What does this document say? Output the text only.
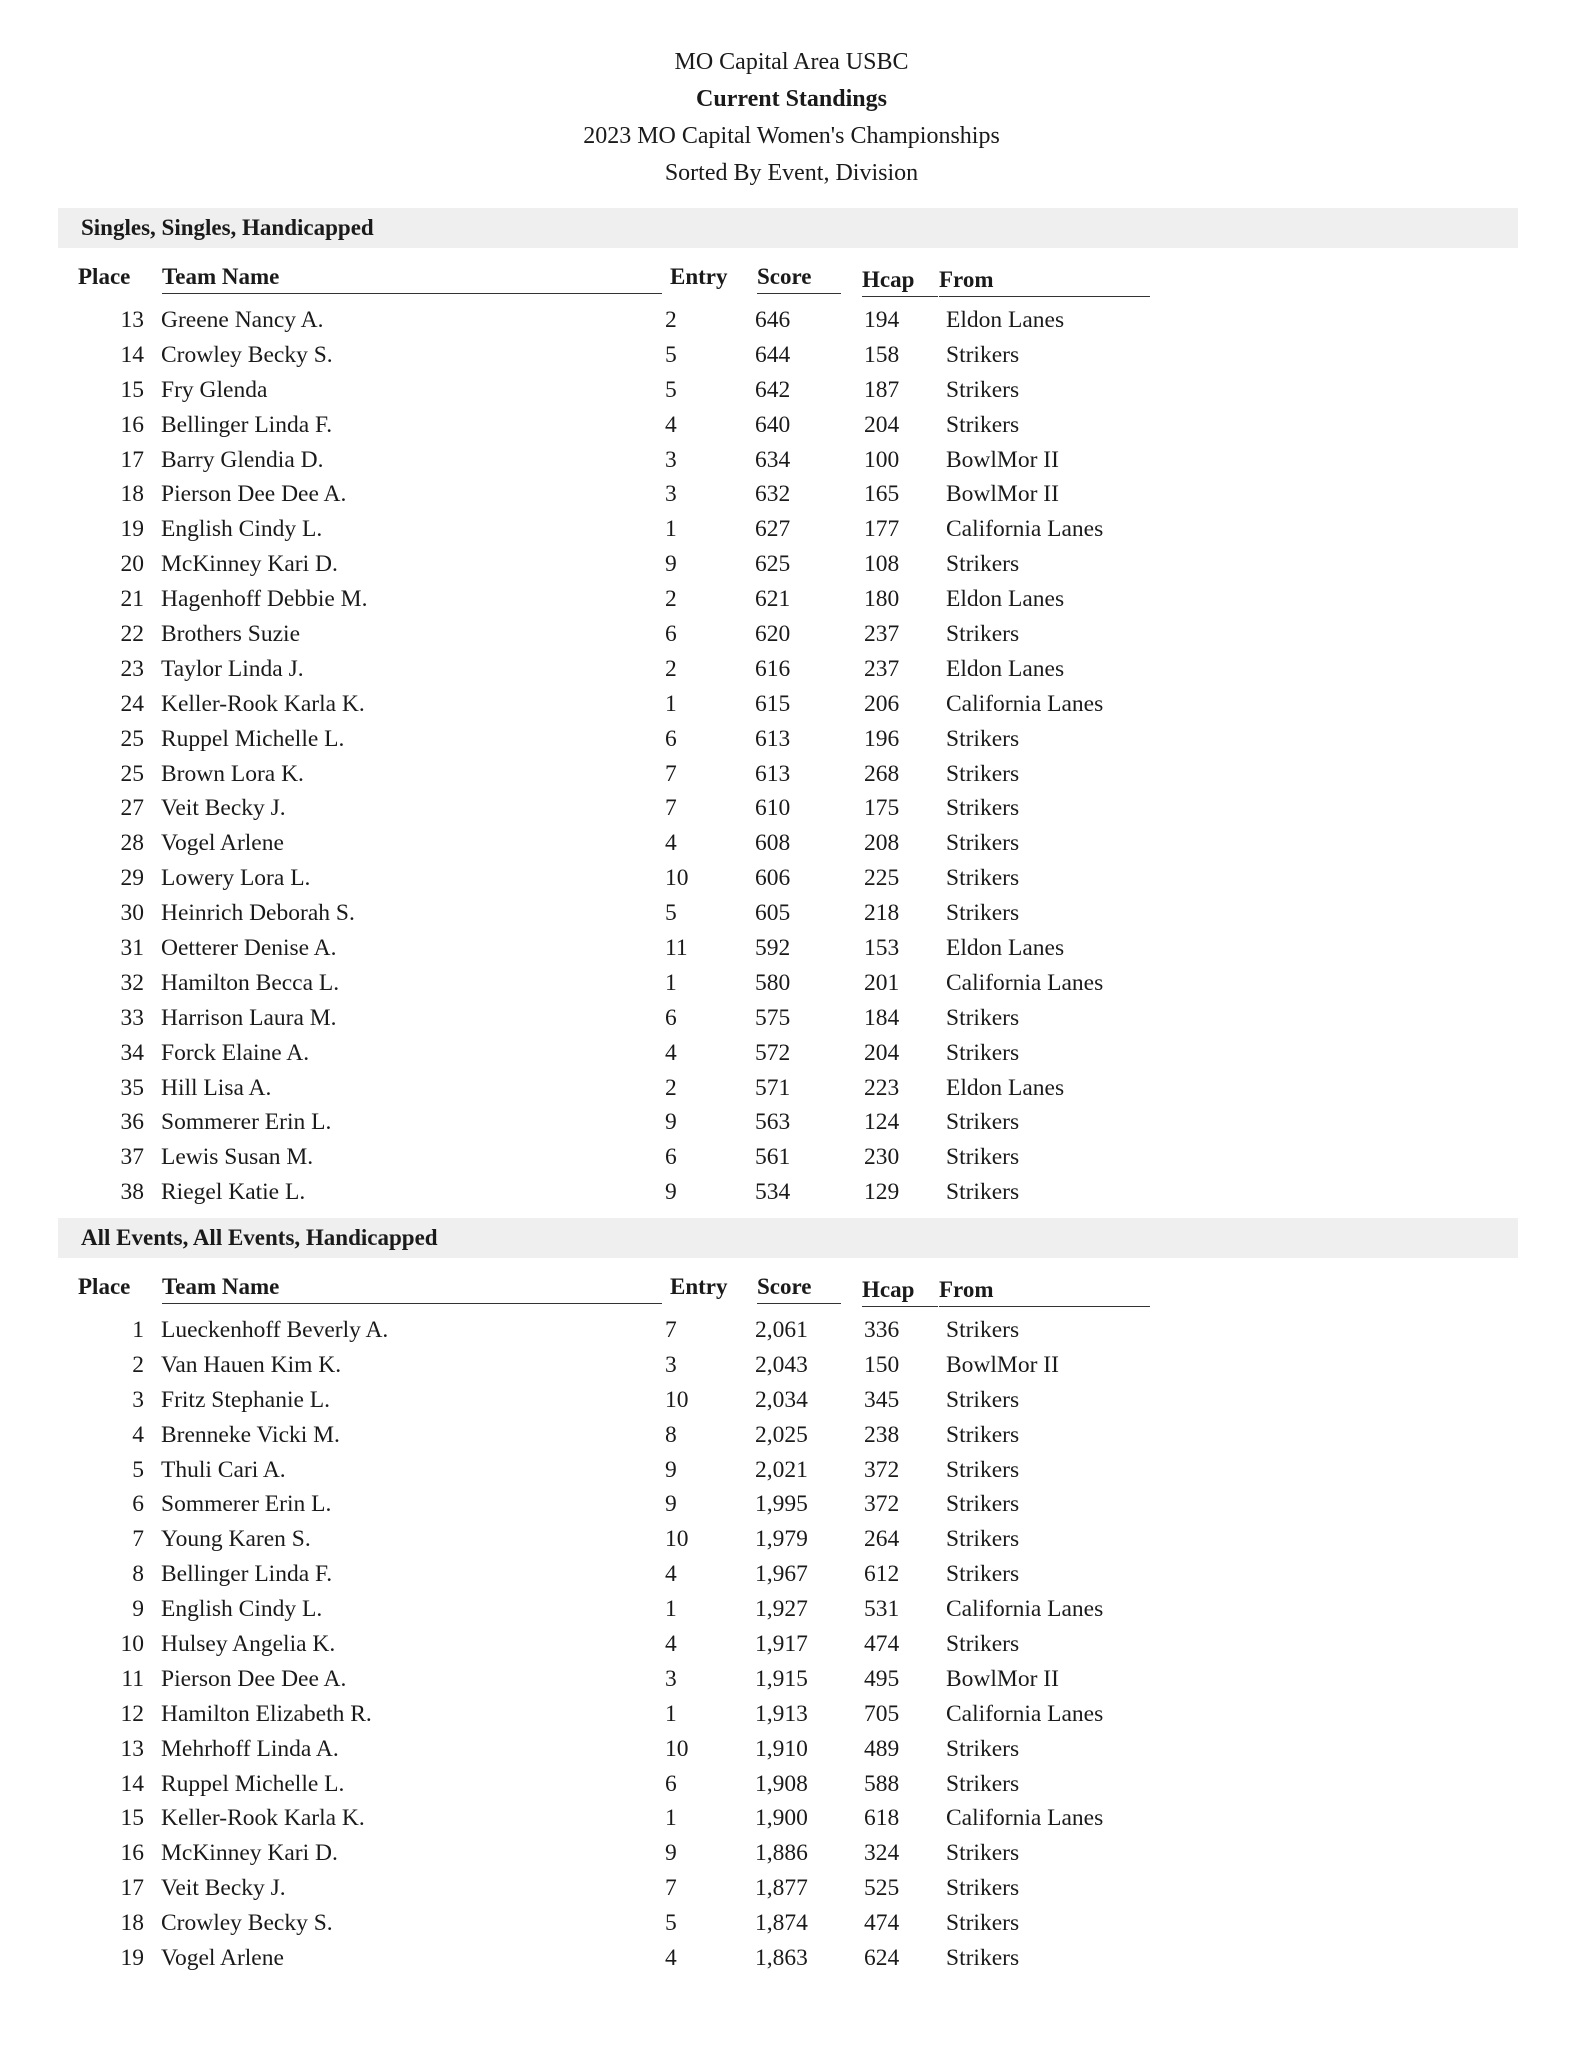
MO Capital Area USBC
Current Standings
2023 MO Capital Women's Championships
Sorted By Event, Division
Singles, Singles, Handicapped
Place	Team Name	Entry	Score	Hcap	From
13 Greene Nancy A.	2	646	194 Eldon Lanes
14 Crowley Becky S.	5	644	158 Strikers
15 Fry Glenda	5	642	187 Strikers
16 Bellinger Linda F.	4	640	204 Strikers
17 Barry Glendia D.	3	634	100 BowlMor II
18 Pierson Dee Dee A.	3	632	165 BowlMor II
19 English Cindy L.	1	627	177 California Lanes
20 McKinney Kari D.	9	625	108 Strikers
21 Hagenhoff Debbie M.	2	621	180 Eldon Lanes
22 Brothers Suzie	6	620	237 Strikers
23 Taylor Linda J.	2	616	237 Eldon Lanes
24 Keller-Rook Karla K.	1	615	206 California Lanes
25 Ruppel Michelle L.	6	613	196 Strikers
25 Brown Lora K.	7	613	268 Strikers
27 Veit Becky J.	7	610	175 Strikers
28 Vogel Arlene	4	608	208 Strikers
29 Lowery Lora L.	10	606	225 Strikers
30 Heinrich Deborah S.	5	605	218 Strikers
31 Oetterer Denise A.	11	592	153 Eldon Lanes
32 Hamilton Becca L.	1	580	201 California Lanes
33 Harrison Laura M.	6	575	184 Strikers
34 Forck Elaine A.	4	572	204 Strikers
35 Hill Lisa A.	2	571	223 Eldon Lanes
36 Sommerer Erin L.	9	563	124 Strikers
37 Lewis Susan M.	6	561	230 Strikers
38 Riegel Katie L.	9	534	129 Strikers
All Events, All Events, Handicapped
Place	Team Name	Entry	Score	Hcap	From
1 Lueckenhoff Beverly A.	7	2,061 336 Strikers
2 Van Hauen Kim K.	3	2,043 150 BowlMor II
3 Fritz Stephanie L.	10	2,034 345 Strikers
4 Brenneke Vicki M.	8	2,025 238 Strikers
5 Thuli Cari A.	9	2,021 372 Strikers
6 Sommerer Erin L.	9	1,995 372 Strikers
7 Young Karen S.	10	1,979 264 Strikers
8 Bellinger Linda F.	4	1,967 612 Strikers
9 English Cindy L.	1	1,927 531 California Lanes
10 Hulsey Angelia K.	4	1,917 474 Strikers
11 Pierson Dee Dee A.	3	1,915 495 BowlMor II
12 Hamilton Elizabeth R.	1	1,913 705 California Lanes
13 Mehrhoff Linda A.	10	1,910 489 Strikers
14 Ruppel Michelle L.	6	1,908 588 Strikers
15 Keller-Rook Karla K.	1	1,900 618 California Lanes
16 McKinney Kari D.	9	1,886 324 Strikers
17 Veit Becky J.	7	1,877 525 Strikers
18 Crowley Becky S.	5	1,874 474 Strikers
19 Vogel Arlene	4	1,863 624 Strikers
